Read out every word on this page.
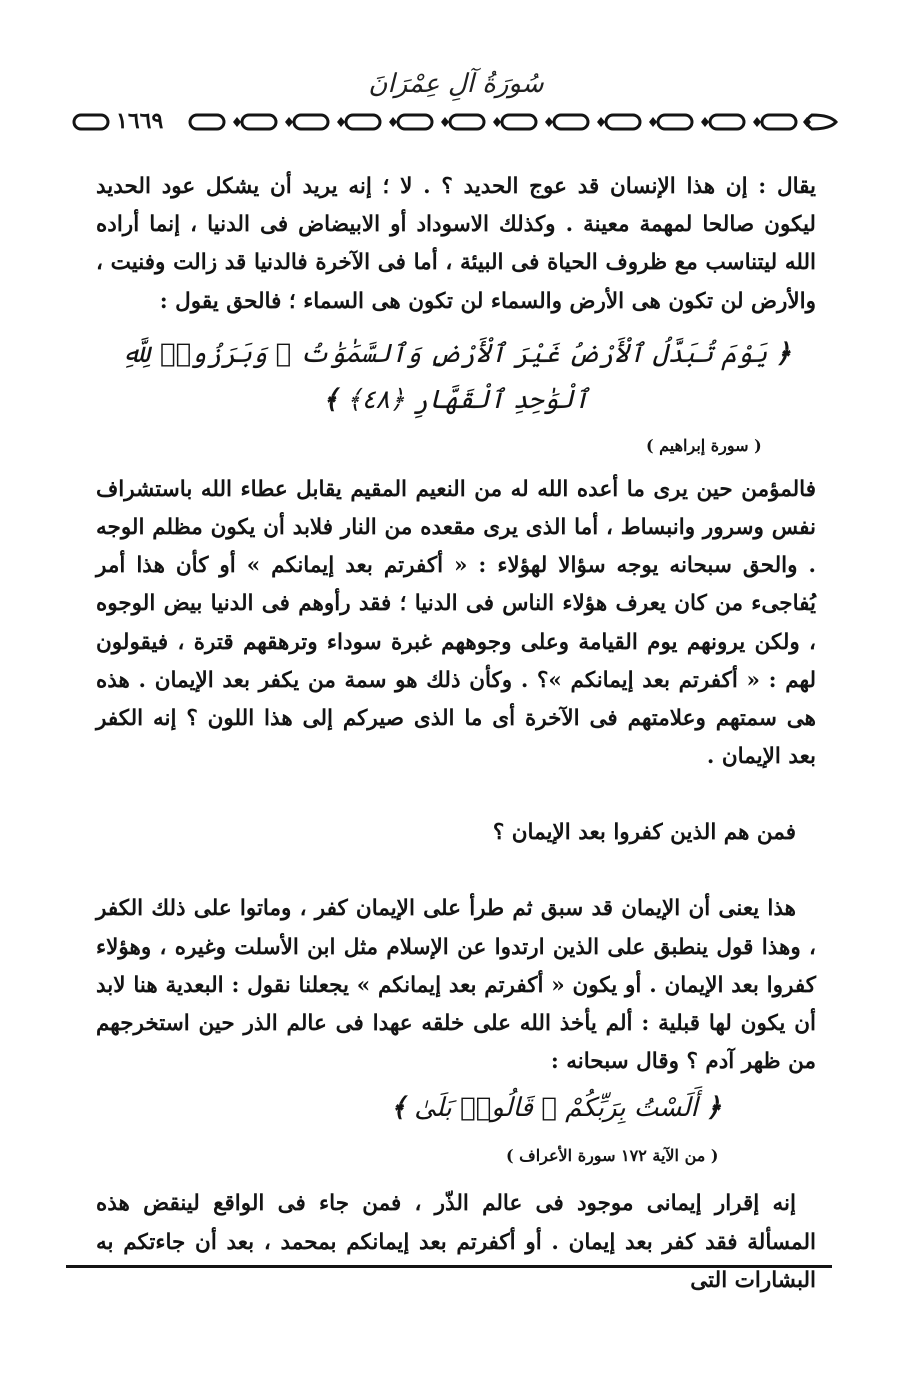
سُورَةُ آلِ عِمْرَانَ
١٦٦٩

يقال : إن هذا الإنسان قد عوج الحديد ؟ . لا ؛ إنه يريد أن يشكل عود الحديد ليكون صالحا لمهمة معينة . وكذلك الاسوداد أو الابيضاض فى الدنيا ، إنما أراده الله ليتناسب مع ظروف الحياة فى البيئة ، أما فى الآخرة فالدنيا قد زالت وفنيت ، والأرض لن تكون هى الأرض والسماء لن تكون هى السماء ؛ فالحق يقول :

﴿ يَوْمَ تُبَدَّلُ ٱلْأَرْضُ غَيْرَ ٱلْأَرْضِ وَٱلسَّمَٰوَٰتُ ۖ وَبَرَزُوا۟ لِلَّهِ ٱلْوَٰحِدِ ٱلْقَهَّارِ ﴿٤٨﴾ ﴾
( سورة إبراهيم )

فالمؤمن حين يرى ما أعده الله له من النعيم المقيم يقابل عطاء الله باستشراف نفس وسرور وانبساط ، أما الذى يرى مقعده من النار فلابد أن يكون مظلم الوجه . والحق سبحانه يوجه سؤالا لهؤلاء : « أكفرتم بعد إيمانكم » أو كأن هذا أمر يُفاجىء من كان يعرف هؤلاء الناس فى الدنيا ؛ فقد رأوهم فى الدنيا بيض الوجوه ، ولكن يرونهم يوم القيامة وعلى وجوههم غبرة سوداء وترهقهم قترة ، فيقولون لهم : « أكفرتم بعد إيمانكم »؟ . وكأن ذلك هو سمة من يكفر بعد الإيمان . هذه هى سمتهم وعلامتهم فى الآخرة أى ما الذى صيركم إلى هذا اللون ؟ إنه الكفر بعد الإيمان .

فمن هم الذين كفروا بعد الإيمان ؟

هذا يعنى أن الإيمان قد سبق ثم طرأ على الإيمان كفر ، وماتوا على ذلك الكفر ، وهذا قول ينطبق على الذين ارتدوا عن الإسلام مثل ابن الأسلت وغيره ، وهؤلاء كفروا بعد الإيمان . أو يكون « أكفرتم بعد إيمانكم » يجعلنا نقول : البعدية هنا لابد أن يكون لها قبلية : ألم يأخذ الله على خلقه عهدا فى عالم الذر حين استخرجهم من ظهر آدم ؟ وقال سبحانه :

﴿ أَلَسْتُ بِرَبِّكُمْ ۖ قَالُوا۟ بَلَىٰ ﴾
( من الآية ١٧٢ سورة الأعراف )

إنه إقرار إيمانى موجود فى عالم الذّر ، فمن جاء فى الواقع لينقض هذه المسألة فقد كفر بعد إيمان . أو أكفرتم بعد إيمانكم بمحمد ، بعد أن جاءتكم به البشارات التى
